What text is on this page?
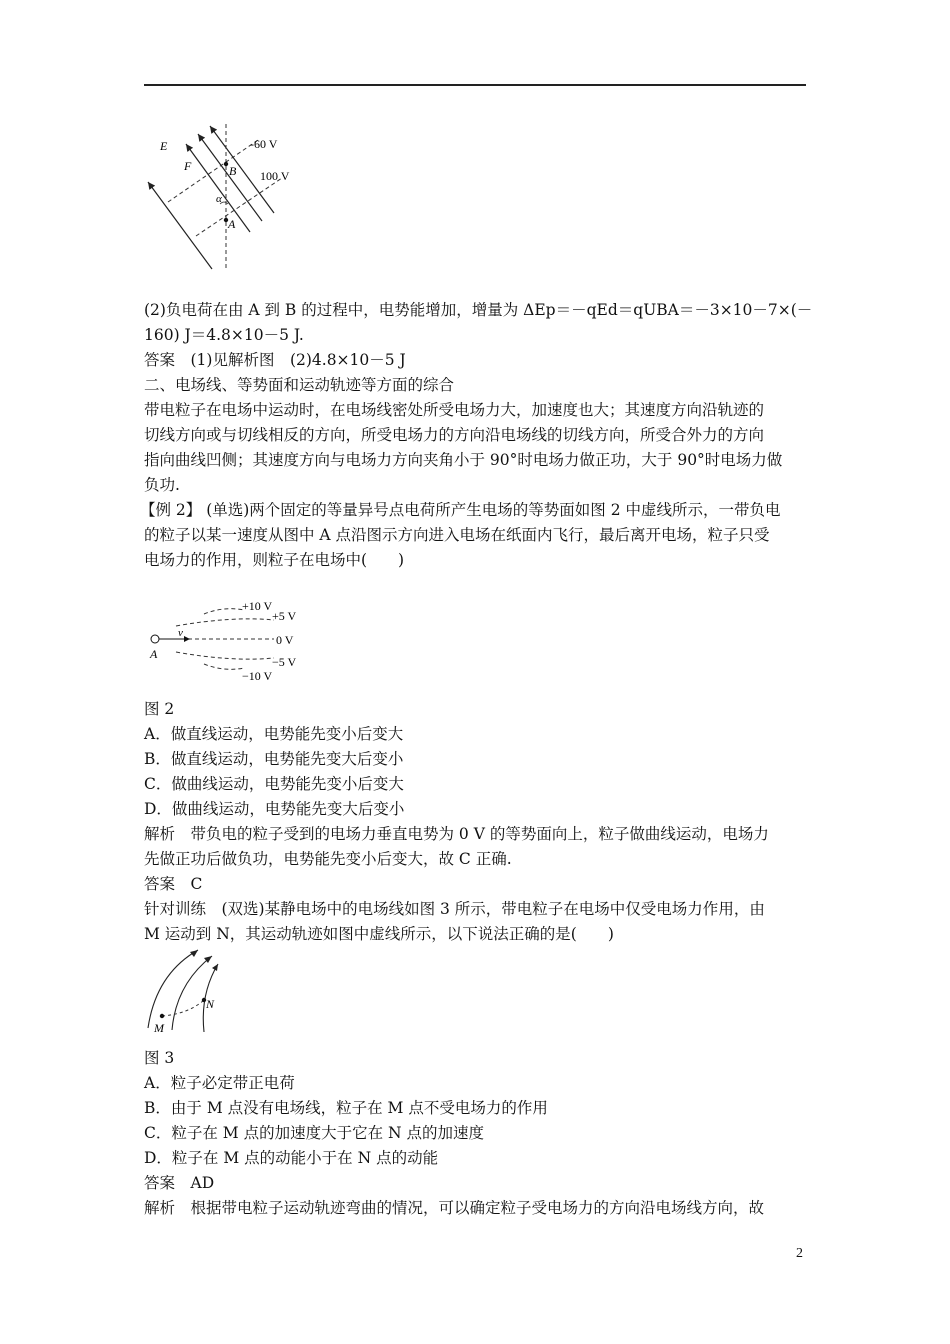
E
F	B
A
α
-60 V
100 V
(2)负电荷在由 A 到 B 的过程中，电势能增加，增量为 ΔEp＝－qEd＝qUBA＝－3×10－7×(－
160) J＝4.8×10－5 J.
答案　(1)见解析图　(2)4.8×10－5 J
二、电场线、等势面和运动轨迹等方面的综合
带电粒子在电场中运动时，在电场线密处所受电场力大，加速度也大；其速度方向沿轨迹的
切线方向或与切线相反的方向，所受电场力的方向沿电场线的切线方向，所受合外力的方向
指向曲线凹侧；其速度方向与电场力方向夹角小于 90°时电场力做正功，大于 90°时电场力做
负功.
【例 2】 (单选)两个固定的等量异号点电荷所产生电场的等势面如图 2 中虚线所示，一带负电
的粒子以某一速度从图中 A 点沿图示方向进入电场在纸面内飞行，最后离开电场，粒子只受
电场力的作用，则粒子在电场中(　　)
+10 V
+5 V
0 V
−5 V
−10 V
v
A
图 2
A．做直线运动，电势能先变小后变大
B．做直线运动，电势能先变大后变小
C．做曲线运动，电势能先变小后变大
D．做曲线运动，电势能先变大后变小
解析　带负电的粒子受到的电场力垂直电势为 0 V 的等势面向上，粒子做曲线运动，电场力
先做正功后做负功，电势能先变小后变大，故 C 正确.
答案　C
针对训练　(双选)某静电场中的电场线如图 3 所示，带电粒子在电场中仅受电场力作用，由
M 运动到 N，其运动轨迹如图中虚线所示，以下说法正确的是(　　)
M
N
图 3
A．粒子必定带正电荷
B．由于 M 点没有电场线，粒子在 M 点不受电场力的作用
C．粒子在 M 点的加速度大于它在 N 点的加速度
D．粒子在 M 点的动能小于在 N 点的动能
答案　AD
解析　根据带电粒子运动轨迹弯曲的情况，可以确定粒子受电场力的方向沿电场线方向，故
2
